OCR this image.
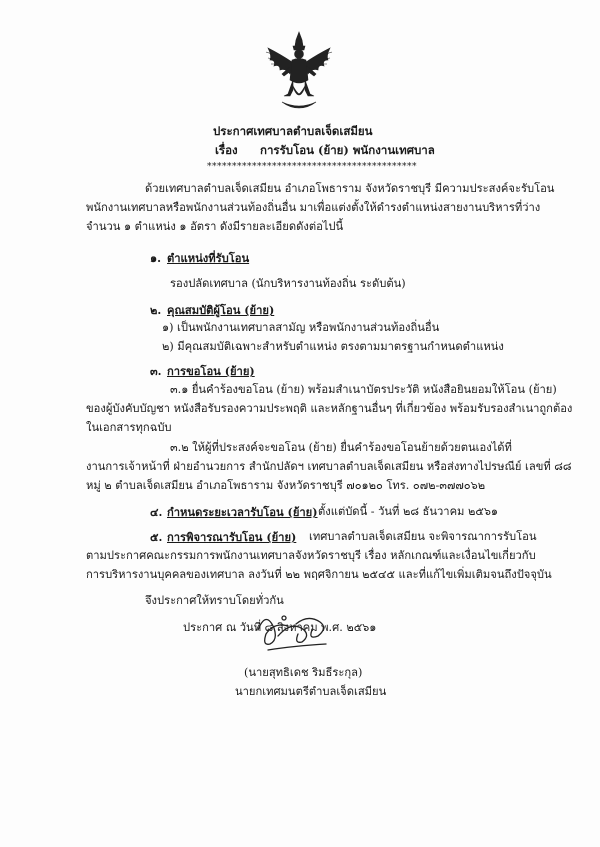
ประกาศเทศบาลตำบลเจ็ดเสมียน
เรื่อง การรับโอน (ย้าย) พนักงานเทศบาล
******************************************
ด้วยเทศบาลตำบลเจ็ดเสมียน อำเภอโพธาราม จังหวัดราชบุรี มีความประสงค์จะรับโอน
พนักงานเทศบาลหรือพนักงานส่วนท้องถิ่นอื่น มาเพื่อแต่งตั้งให้ดำรงตำแหน่งสายงานบริหารที่ว่าง
จำนวน ๑ ตำแหน่ง ๑ อัตรา ดังมีรายละเอียดดังต่อไปนี้
๑. ตำแหน่งที่รับโอน
รองปลัดเทศบาล (นักบริหารงานท้องถิ่น ระดับต้น)
๒. คุณสมบัติผู้โอน (ย้าย)
๑) เป็นพนักงานเทศบาลสามัญ หรือพนักงานส่วนท้องถิ่นอื่น
๒) มีคุณสมบัติเฉพาะสำหรับตำแหน่ง ตรงตามมาตรฐานกำหนดตำแหน่ง
๓. การขอโอน (ย้าย)
๓.๑ ยื่นคำร้องขอโอน (ย้าย) พร้อมสำเนาบัตรประวัติ หนังสือยินยอมให้โอน (ย้าย)
ของผู้บังคับบัญชา หนังสือรับรองความประพฤติ และหลักฐานอื่นๆ ที่เกี่ยวข้อง พร้อมรับรองสำเนาถูกต้อง
ในเอกสารทุกฉบับ
๓.๒ ให้ผู้ที่ประสงค์จะขอโอน (ย้าย) ยื่นคำร้องขอโอนย้ายด้วยตนเองได้ที่
งานการเจ้าหน้าที่ ฝ่ายอำนวยการ สำนักปลัดฯ เทศบาลตำบลเจ็ดเสมียน หรือส่งทางไปรษณีย์ เลขที่ ๘๘
หมู่ ๒ ตำบลเจ็ดเสมียน อำเภอโพธาราม จังหวัดราชบุรี ๗๐๑๒๐ โทร. ๐๗๒-๓๗๗๐๖๒
๔. กำหนดระยะเวลารับโอน (ย้าย) ตั้งแต่บัดนี้ - วันที่ ๒๘ ธันวาคม ๒๕๖๑
๕. การพิจารณารับโอน (ย้าย) เทศบาลตำบลเจ็ดเสมียน จะพิจารณาการรับโอน
ตามประกาศคณะกรรมการพนักงานเทศบาลจังหวัดราชบุรี เรื่อง หลักเกณฑ์และเงื่อนไขเกี่ยวกับ
การบริหารงานบุคคลของเทศบาล ลงวันที่ ๒๒ พฤศจิกายน ๒๕๔๕ และที่แก้ไขเพิ่มเติมจนถึงปัจจุบัน
จึงประกาศให้ทราบโดยทั่วกัน
ประกาศ ณ วันที่ ๘ สิงหาคม พ.ศ. ๒๕๖๑
(นายสุทธิเดช ริมธีระกุล)
นายกเทศมนตรีตำบลเจ็ดเสมียน
